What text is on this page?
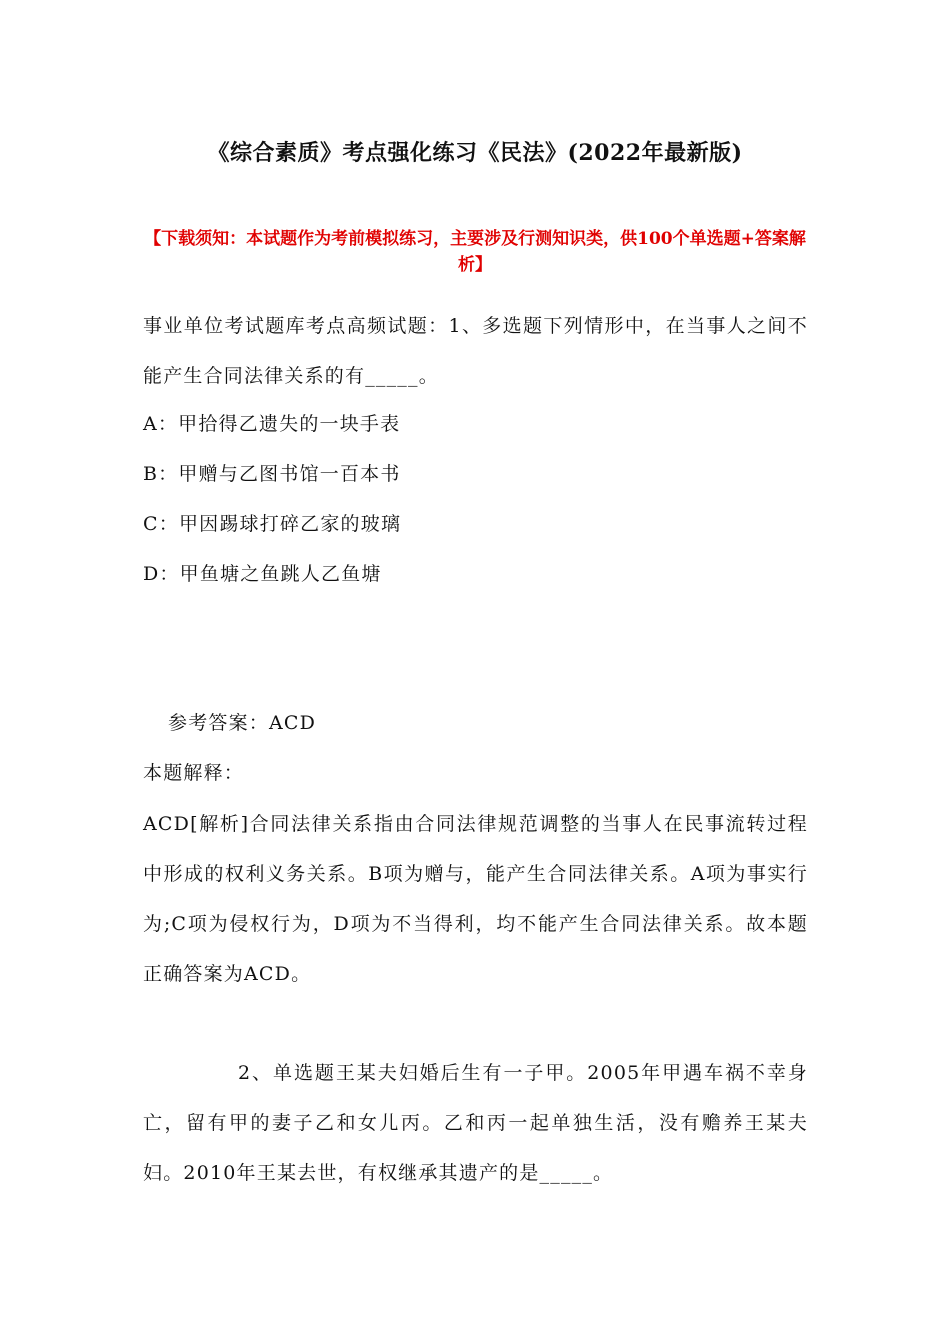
《综合素质》考点强化练习《民法》(2022年最新版)
【下载须知：本试题作为考前模拟练习，主要涉及行测知识类，供100个单选题+答案解析】
事业单位考试题库考点高频试题：1、多选题下列情形中，在当事人之间不能产生合同法律关系的有_____。
A：甲拾得乙遗失的一块手表
B：甲赠与乙图书馆一百本书
C：甲因踢球打碎乙家的玻璃
D：甲鱼塘之鱼跳人乙鱼塘
参考答案：ACD
本题解释：
ACD[解析]合同法律关系指由合同法律规范调整的当事人在民事流转过程中形成的权利义务关系。B项为赠与，能产生合同法律关系。A项为事实行为;C项为侵权行为，D项为不当得利，均不能产生合同法律关系。故本题正确答案为ACD。
2、单选题王某夫妇婚后生有一子甲。2005年甲遇车祸不幸身亡，留有甲的妻子乙和女儿丙。乙和丙一起单独生活，没有赡养王某夫妇。2010年王某去世，有权继承其遗产的是_____。
